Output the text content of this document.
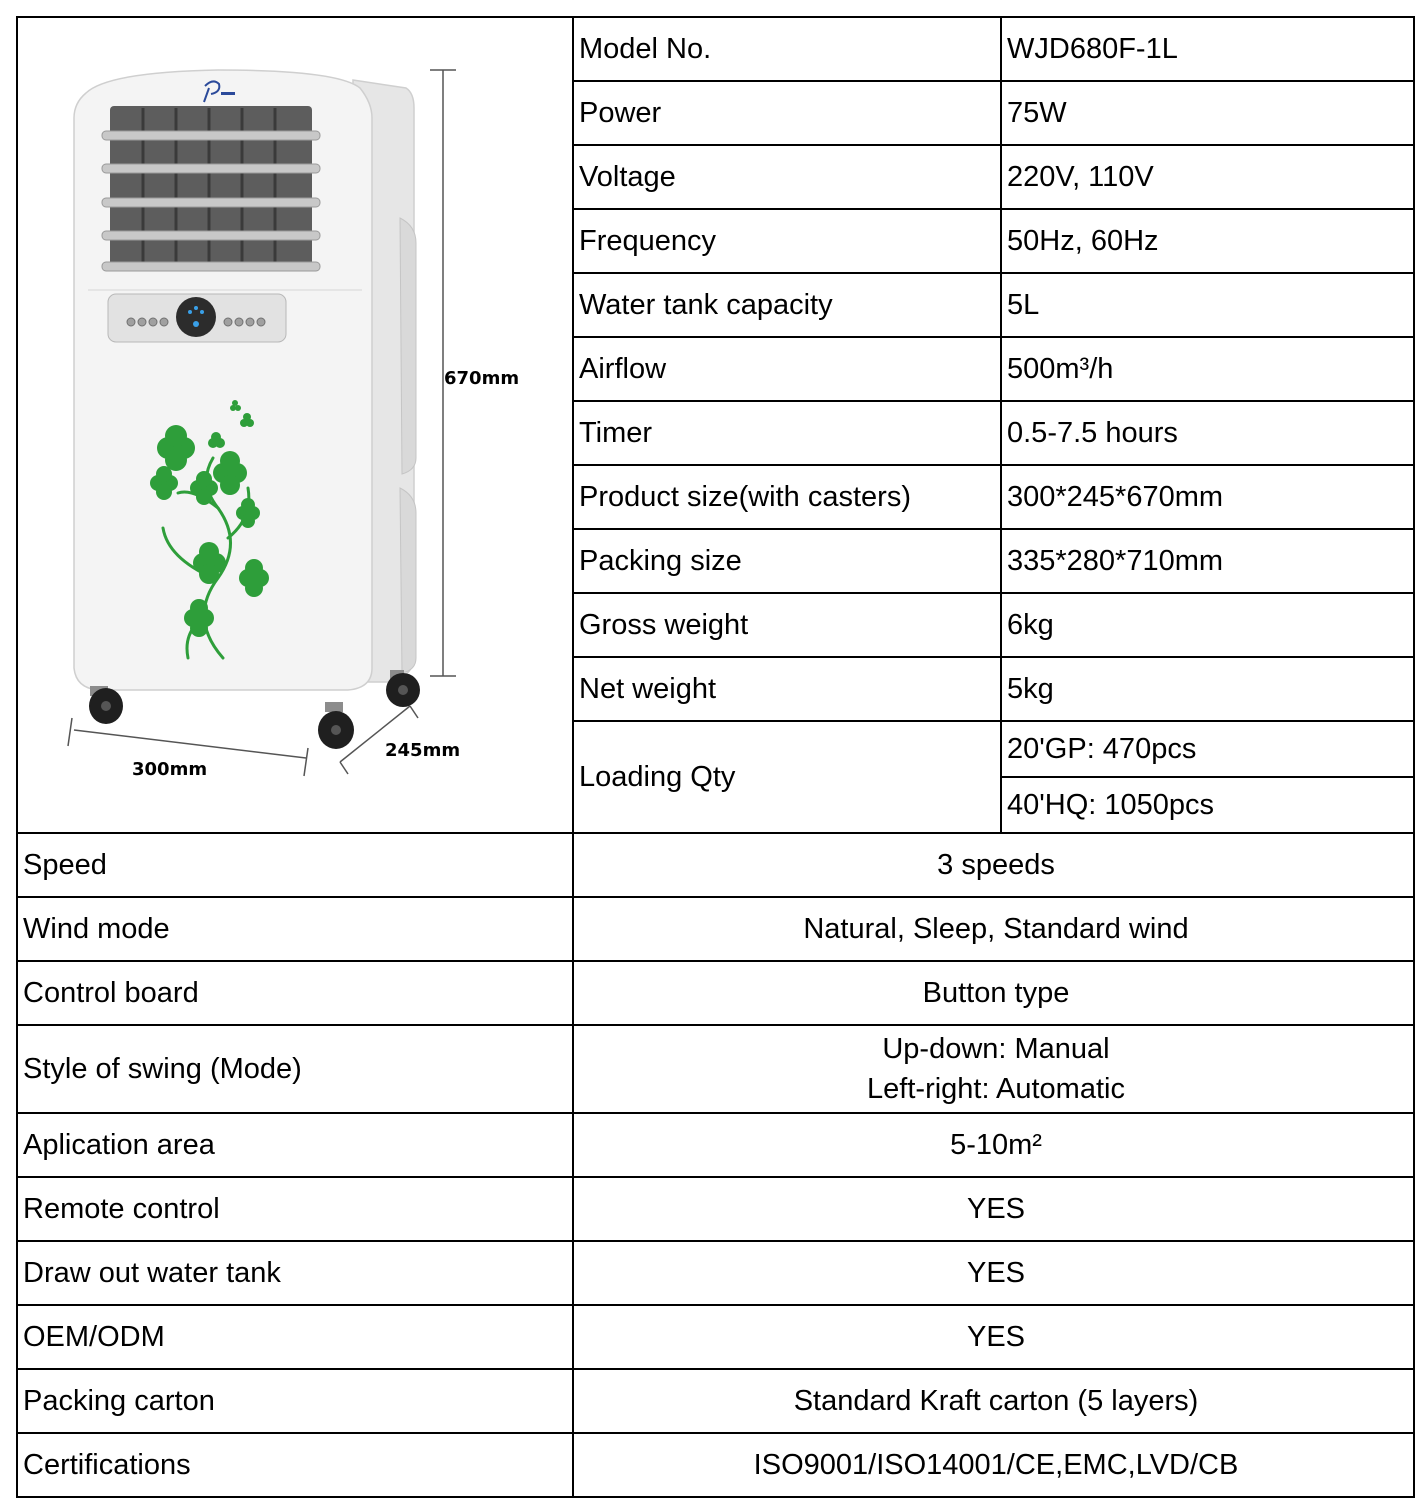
670mm
300mm
245mm	Model No.	WJD680F-1L
	Power	75W
	Voltage	220V, 110V
	Frequency	50Hz, 60Hz
	Water tank capacity	5L
	Airflow	500m³/h
	Timer	0.5-7.5 hours
	Product size(with casters)	300*245*670mm
	Packing size	335*280*710mm
	Gross weight	6kg
	Net weight	5kg
	Loading Qty	20'GP: 470pcs
		40'HQ: 1050pcs
Speed	3 speeds	
Wind mode	Natural, Sleep, Standard wind	
Control board	Button type	
Style of swing (Mode)	Up-down: Manual
Left-right: Automatic	

Aplication area	5-10m²	
Remote control	YES	
Draw out water tank	YES	
OEM/ODM	YES	
Packing carton	Standard Kraft carton (5 layers)	
Certifications	ISO9001/ISO14001/CE,EMC,LVD/CB	
